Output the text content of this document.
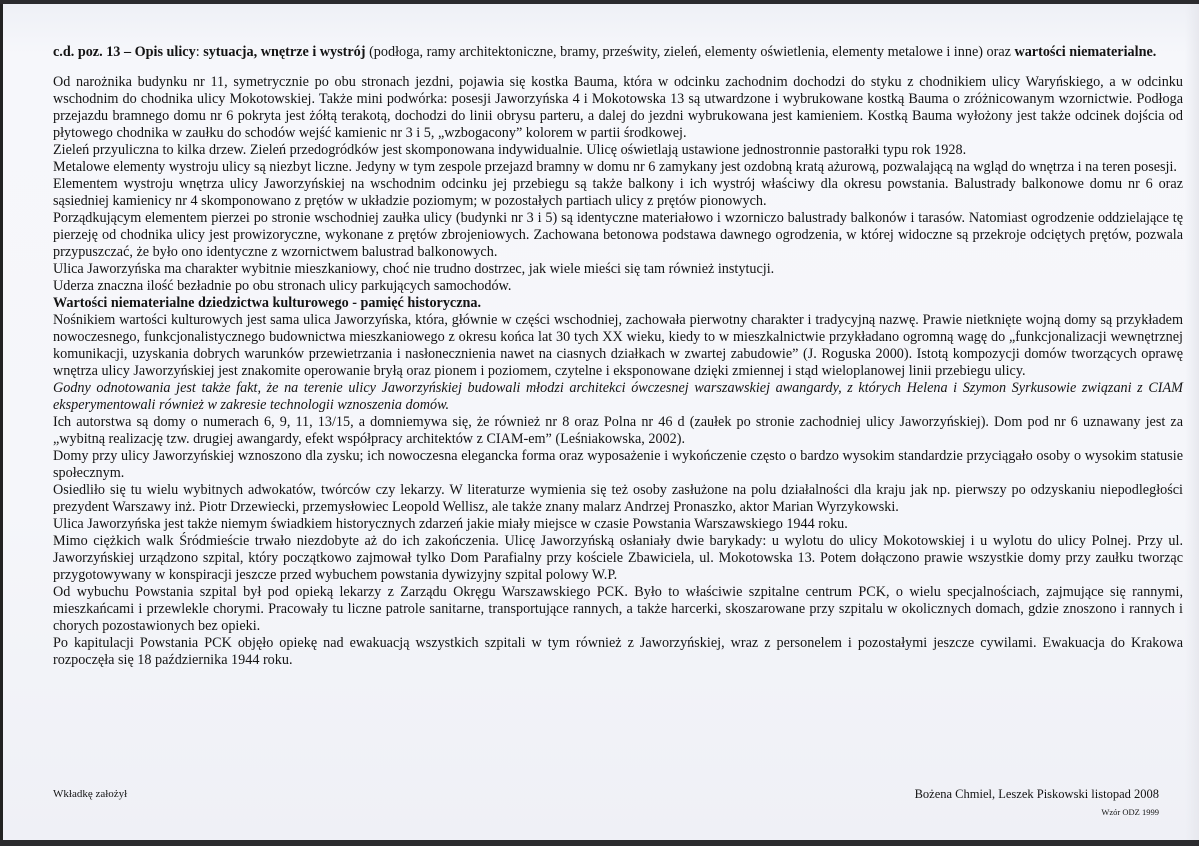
c.d. poz. 13 – Opis ulicy: sytuacja, wnętrze i wystrój (podłoga, ramy architektoniczne, bramy, prześwity, zieleń, elementy oświetlenia, elementy metalowe i inne) oraz wartości niematerialne.

Od narożnika budynku nr 11, symetrycznie po obu stronach jezdni, pojawia się kostka Bauma, która w odcinku zachodnim dochodzi do styku z chodnikiem ulicy Waryńskiego, a w odcinku wschodnim do chodnika ulicy Mokotowskiej. Także mini podwórka: posesji Jaworzyńska 4 i Mokotowska 13 są utwardzone i wybrukowane kostką Bauma o zróżnicowanym wzornictwie. Podłoga przejazdu bramnego domu nr 6 pokryta jest żółtą terakotą, dochodzi do linii obrysu parteru, a dalej do jezdni wybrukowana jest kamieniem. Kostką Bauma wyłożony jest także odcinek dojścia od płytowego chodnika w zaułku do schodów wejść kamienic nr 3 i 5, „wzbogacony” kolorem w partii środkowej.

Zieleń przyuliczna to kilka drzew. Zieleń przedogródków jest skomponowana indywidualnie. Ulicę oświetlają ustawione jednostronnie pastorałki typu rok 1928.

Metalowe elementy wystroju ulicy są niezbyt liczne. Jedyny w tym zespole przejazd bramny w domu nr 6 zamykany jest ozdobną kratą ażurową, pozwalającą na wgląd do wnętrza i na teren posesji.

Elementem wystroju wnętrza ulicy Jaworzyńskiej na wschodnim odcinku jej przebiegu są także balkony i ich wystrój właściwy dla okresu powstania. Balustrady balkonowe domu nr 6 oraz sąsiedniej kamienicy nr 4 skomponowano z prętów w układzie poziomym; w pozostałych partiach ulicy z prętów pionowych.

Porządkującym elementem pierzei po stronie wschodniej zaułka ulicy (budynki nr 3 i 5) są identyczne materiałowo i wzorniczo balustrady balkonów i tarasów. Natomiast ogrodzenie oddzielające tę pierzeję od chodnika ulicy jest prowizoryczne, wykonane z prętów zbrojeniowych. Zachowana betonowa podstawa dawnego ogrodzenia, w której widoczne są przekroje odciętych prętów, pozwala przypuszczać, że było ono identyczne z wzornictwem balustrad balkonowych.

Ulica Jaworzyńska ma charakter wybitnie mieszkaniowy, choć nie trudno dostrzec, jak wiele mieści się tam również instytucji.

Uderza znaczna ilość bezładnie po obu stronach ulicy parkujących samochodów.

Wartości niematerialne dziedzictwa kulturowego - pamięć historyczna.

Nośnikiem wartości kulturowych jest sama ulica Jaworzyńska, która, głównie w części wschodniej, zachowała pierwotny charakter i tradycyjną nazwę. Prawie nietknięte wojną domy są przykładem nowoczesnego, funkcjonalistycznego budownictwa mieszkaniowego z okresu końca lat 30 tych XX wieku, kiedy to w mieszkalnictwie przykładano ogromną wagę do „funkcjonalizacji wewnętrznej komunikacji, uzyskania dobrych warunków przewietrzania i nasłonecznienia nawet na ciasnych działkach w zwartej zabudowie” (J. Roguska 2000). Istotą kompozycji domów tworzących oprawę wnętrza ulicy Jaworzyńskiej jest znakomite operowanie bryłą oraz pionem i poziomem, czytelne i eksponowane dzięki zmiennej i stąd wieloplanowej linii przebiegu ulicy.

Godny odnotowania jest także fakt, że na terenie ulicy Jaworzyńskiej budowali młodzi architekci ówczesnej warszawskiej awangardy, z których Helena i Szymon Syrkusowie związani z CIAM eksperymentowali również w zakresie technologii wznoszenia domów.

Ich autorstwa są domy o numerach 6, 9, 11, 13/15, a domniemywa się, że również nr 8 oraz Polna nr 46 d (zaułek po stronie zachodniej ulicy Jaworzyńskiej). Dom pod nr 6 uznawany jest za „wybitną realizację tzw. drugiej awangardy, efekt współpracy architektów z CIAM-em” (Leśniakowska, 2002).

Domy przy ulicy Jaworzyńskiej wznoszono dla zysku; ich nowoczesna elegancka forma oraz wyposażenie i wykończenie często o bardzo wysokim standardzie przyciągało osoby o wysokim statusie społecznym.

Osiedliło się tu wielu wybitnych adwokatów, twórców czy lekarzy. W literaturze wymienia się też osoby zasłużone na polu działalności dla kraju jak np. pierwszy po odzyskaniu niepodległości prezydent Warszawy inż. Piotr Drzewiecki, przemysłowiec Leopold Wellisz, ale także znany malarz Andrzej Pronaszko, aktor Marian Wyrzykowski.

Ulica Jaworzyńska jest także niemym świadkiem historycznych zdarzeń jakie miały miejsce w czasie Powstania Warszawskiego 1944 roku.

Mimo ciężkich walk Śródmieście trwało niezdobyte aż do ich zakończenia. Ulicę Jaworzyńską osłaniały dwie barykady: u wylotu do ulicy Mokotowskiej i u wylotu do ulicy Polnej. Przy ul. Jaworzyńskiej urządzono szpital, który początkowo zajmował tylko Dom Parafialny przy kościele Zbawiciela, ul. Mokotowska 13. Potem dołączono prawie wszystkie domy przy zaułku tworząc przygotowywany w konspiracji jeszcze przed wybuchem powstania dywizyjny szpital polowy W.P.

Od wybuchu Powstania szpital był pod opieką lekarzy z Zarządu Okręgu Warszawskiego PCK. Było to właściwie szpitalne centrum PCK, o wielu specjalnościach, zajmujące się rannymi, mieszkańcami i przewlekle chorymi. Pracowały tu liczne patrole sanitarne, transportujące rannych, a także harcerki, skoszarowane przy szpitalu w okolicznych domach, gdzie znoszono i rannych i chorych pozostawionych bez opieki.

Po kapitulacji Powstania PCK objęło opiekę nad ewakuacją wszystkich szpitali w tym również z Jaworzyńskiej, wraz z personelem i pozostałymi jeszcze cywilami. Ewakuacja do Krakowa rozpoczęła się 18 października 1944 roku.

Wkładkę założył	Bożena Chmiel, Leszek Piskowski listopad 2008
Wzór ODZ 1999
